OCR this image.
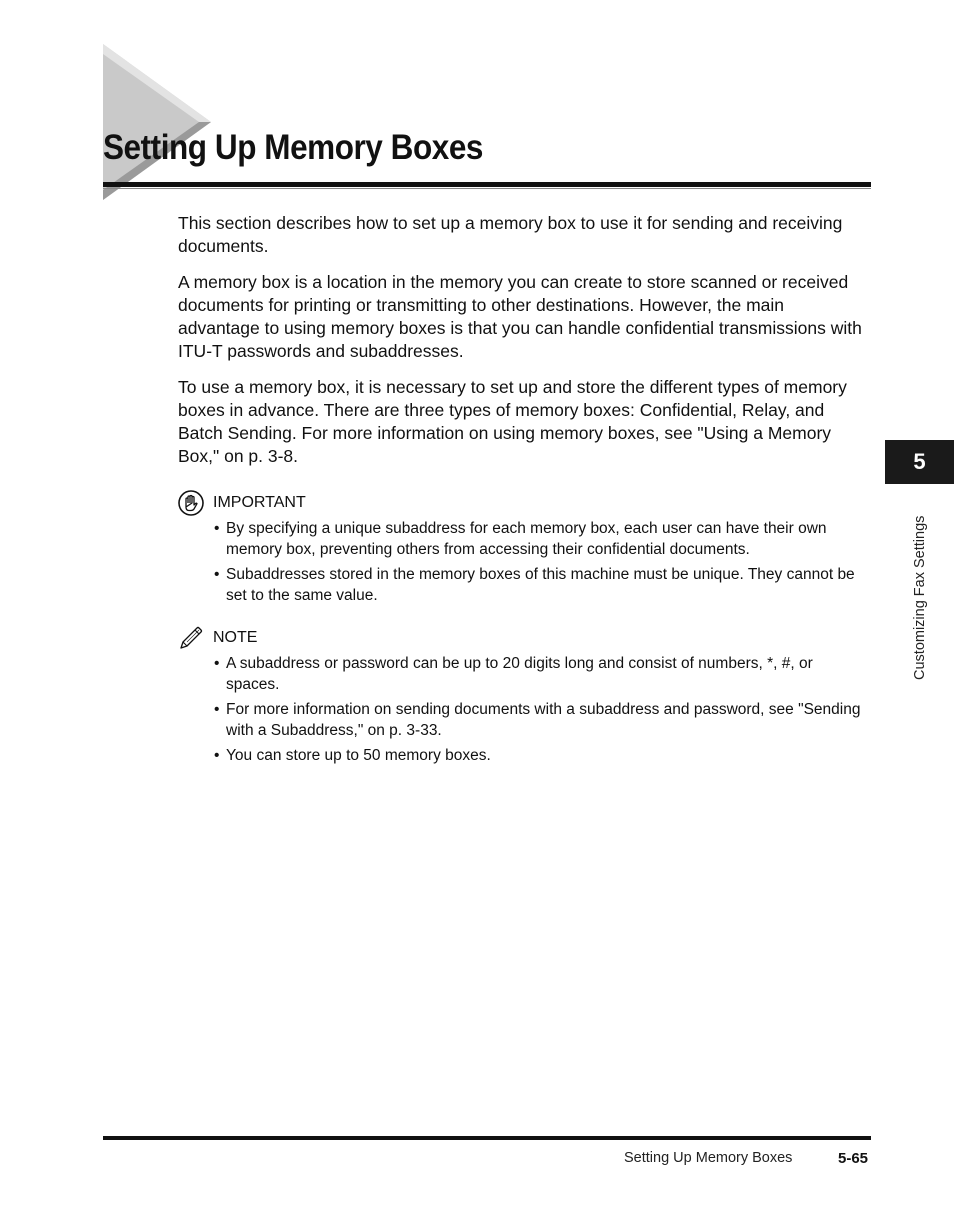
Setting Up Memory Boxes

This section describes how to set up a memory box to use it for sending and receiving documents.

A memory box is a location in the memory you can create to store scanned or received documents for printing or transmitting to other destinations. However, the main advantage to using memory boxes is that you can handle confidential transmissions with ITU-T passwords and subaddresses.

To use a memory box, it is necessary to set up and store the different types of memory boxes in advance. There are three types of memory boxes: Confidential, Relay, and Batch Sending. For more information on using memory boxes, see "Using a Memory Box," on p. 3-8.

IMPORTANT
• By specifying a unique subaddress for each memory box, each user can have their own memory box, preventing others from accessing their confidential documents.
• Subaddresses stored in the memory boxes of this machine must be unique. They cannot be set to the same value.
NOTE
• A subaddress or password can be up to 20 digits long and consist of numbers, *, #, or spaces.
• For more information on sending documents with a subaddress and password, see "Sending with a Subaddress," on p. 3-33.
• You can store up to 50 memory boxes.
5
Customizing Fax Settings
Setting Up Memory Boxes	5-65
